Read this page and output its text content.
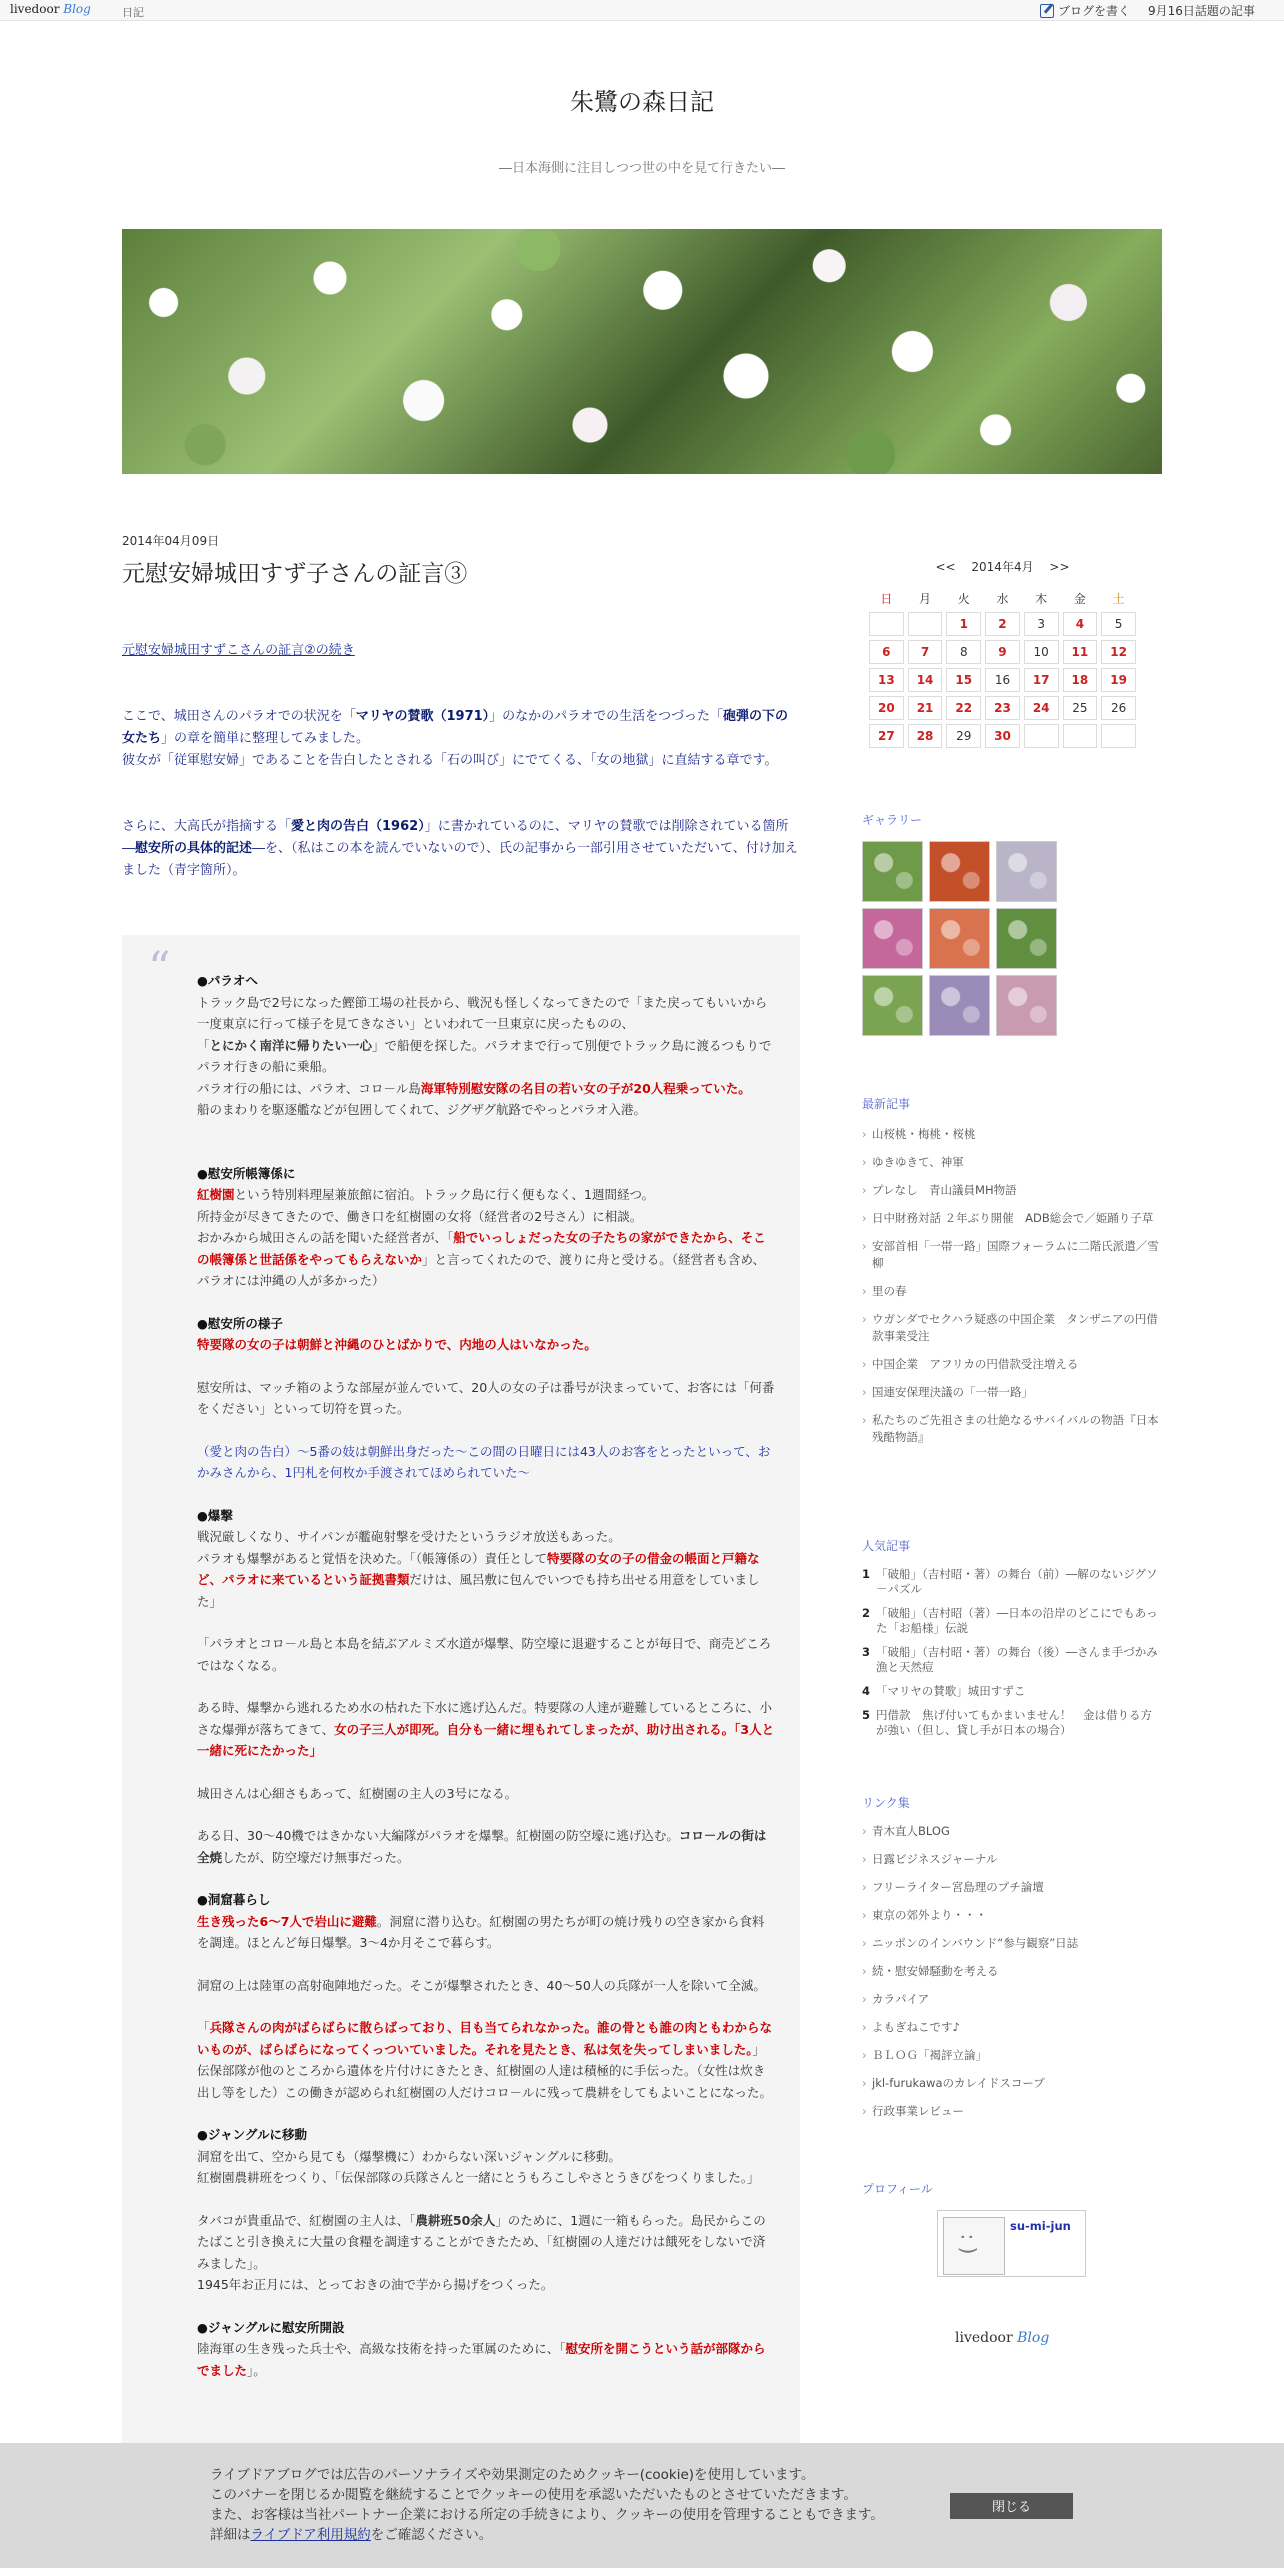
livedoor Blog	日記	ブログを書く 9月16日話題の記事
朱鷺の森日記
―日本海側に注目しつつ世の中を見て行きたい―
2014年04月09日
元慰安婦城田すず子さんの証言③

元慰安婦城田すずこさんの証言②の続き

ここで、城田さんのパラオでの状況を「マリヤの賛歌（1971）」のなかのパラオでの生活をつづった「砲弾の下の女たち」の章を簡単に整理してみました。

彼女が「従軍慰安婦」であることを告白したとされる「石の叫び」にでてくる、「女の地獄」に直結する章です。

さらに、大高氏が指摘する「愛と肉の告白（1962）」に書かれているのに、マリヤの賛歌では削除されている箇所―慰安所の具体的記述―を、（私はこの本を読んでいないので）、氏の記事から一部引用させていただいて、付け加えました（青字箇所）。

“ ●パラオへ

トラック島で2号になった鰹節工場の社長から、戦況も怪しくなってきたので「また戻ってもいいから一度東京に行って様子を見てきなさい」といわれて一旦東京に戻ったものの、

「とにかく南洋に帰りたい一心」で船便を探した。パラオまで行って別便でトラック島に渡るつもりでパラオ行きの船に乗船。

パラオ行の船には、パラオ、コロ－ル島海軍特別慰安隊の名目の若い女の子が20人程乗っていた。

船のまわりを駆逐艦などが包囲してくれて、ジグザグ航路でやっとパラオ入港。

●慰安所帳簿係に

紅樹園という特別料理屋兼旅館に宿泊。トラック島に行く便もなく、1週間経つ。

所持金が尽きてきたので、働き口を紅樹園の女将（経営者の2号さん）に相談。

おかみから城田さんの話を聞いた経営者が、「船でいっしょだった女の子たちの家ができたから、そこの帳簿係と世話係をやってもらえないか」と言ってくれたので、渡りに舟と受ける。（経営者も含め、パラオには沖縄の人が多かった）

●慰安所の様子

特要隊の女の子は朝鮮と沖縄のひとばかりで、内地の人はいなかった。

慰安所は、マッチ箱のような部屋が並んでいて、20人の女の子は番号が決まっていて、お客には「何番をください」といって切符を買った。

（愛と肉の告白）～5番の妓は朝鮮出身だった～この間の日曜日には43人のお客をとったといって、おかみさんから、1円札を何枚か手渡されてほめられていた～

●爆撃

戦況厳しくなり、サイパンが艦砲射撃を受けたというラジオ放送もあった。

パラオも爆撃があると覚悟を決めた。「（帳簿係の）責任として特要隊の女の子の借金の帳面と戸籍など、パラオに来ているという証拠書類だけは、風呂敷に包んでいつでも持ち出せる用意をしていました」

「パラオとコロ－ル島と本島を結ぶアルミズ水道が爆撃、防空壕に退避することが毎日で、商売どころではなくなる。

ある時、爆撃から逃れるため水の枯れた下水に逃げ込んだ。特要隊の人達が避難しているところに、小さな爆弾が落ちてきて、女の子三人が即死。自分も一緒に埋もれてしまったが、助け出される。「3人と一緒に死にたかった」

城田さんは心細さもあって、紅樹園の主人の3号になる。

ある日、30～40機ではきかない大編隊がパラオを爆撃。紅樹園の防空壕に逃げ込む。コロ－ルの街は全焼したが、防空壕だけ無事だった。

●洞窟暮らし

生き残った6～7人で岩山に避難。洞窟に潜り込む。紅樹園の男たちが町の焼け残りの空き家から食料を調達。ほとんど毎日爆撃。3～4か月そこで暮らす。

洞窟の上は陸軍の高射砲陣地だった。そこが爆撃されたとき、40～50人の兵隊が一人を除いて全滅。

「兵隊さんの肉がばらばらに散らばっており、目も当てられなかった。誰の骨とも誰の肉ともわからないものが、ばらばらになってくっついていました。それを見たとき、私は気を失ってしまいました。」

伝保部隊が他のところから遺体を片付けにきたとき、紅樹園の人達は積極的に手伝った。（女性は炊き出し等をした）この働きが認められ紅樹園の人だけコロ－ルに残って農耕をしてもよいことになった。

●ジャングルに移動

洞窟を出て、空から見ても（爆撃機に）わからない深いジャングルに移動。

紅樹園農耕班をつくり、「伝保部隊の兵隊さんと一緒にとうもろこしやさとうきびをつくりました。」

タバコが貴重品で、紅樹園の主人は、「農耕班50余人」のために、1週に一箱もらった。島民からこのたばこと引き換えに大量の食糧を調達することができたため、「紅樹園の人達だけは餓死をしないで済みました」。

1945年お正月には、とっておきの油で芋から揚げをつくった。

●ジャングルに慰安所開設

陸海軍の生き残った兵士や、高級な技術を持った軍属のために、「慰安所を開こうという話が部隊からでました」。

<< 2014年4月 >>
日	月	火	水	木	金	土
		1	2	3	4	5
6	7	8	9	10	11	12
13	14	15	16	17	18	19
20	21	22	23	24	25	26
27	28	29	30			
ギャラリー
最新記事
› 山桜桃・梅桃・桜桃
› ゆきゆきて、神軍
› プレなし　青山議員MH物語
› 日中財務対話 ２年ぶり開催　ADB総会で／姫踊り子草
› 安部首相「一帯一路」国際フォーラムに二階氏派遣／雪柳
› 里の春
› ウガンダでセクハラ疑惑の中国企業　タンザニアの円借款事業受注
› 中国企業　アフリカの円借款受注増える
› 国連安保理決議の「一帯一路」
› 私たちのご先祖さまの壮絶なるサバイバルの物語『日本残酷物語』
人気記事
1 「破船」（吉村昭・著）の舞台（前）―解のないジグソ－パズル
2 「破船」（吉村昭（著）―日本の沿岸のどこにでもあった「お船様」伝説
3 「破船」（吉村昭・著）の舞台（後）―さんま手づかみ漁と天然痘
4 「マリヤの賛歌」城田すずこ
5 円借款　焦げ付いてもかまいません！　金は借りる方が強い（但し、貸し手が日本の場合）
リンク集
› 青木直人BLOG
› 日露ビジネスジャーナル
› フリーライター宮島理のプチ論壇
› 東京の郊外より・・・
› ニッポンのインバウンド“参与観察”日誌
› 続・慰安婦騒動を考える
› カラパイア
› よもぎねこです♪
› ＢＬＯＧ「褐評立論」
› jkl-furukawaのカレイドスコープ
› 行政事業レビュー
プロフィール
: )
su-mi-jun
livedoor Blog

ライブドアブログでは広告のパーソナライズや効果測定のためクッキー(cookie)を使用しています。

このバナーを閉じるか閲覧を継続することでクッキーの使用を承認いただいたものとさせていただきます。

また、お客様は当社パートナー企業における所定の手続きにより、クッキーの使用を管理することもできます。

詳細はライブドア利用規約をご確認ください。

閉じる
